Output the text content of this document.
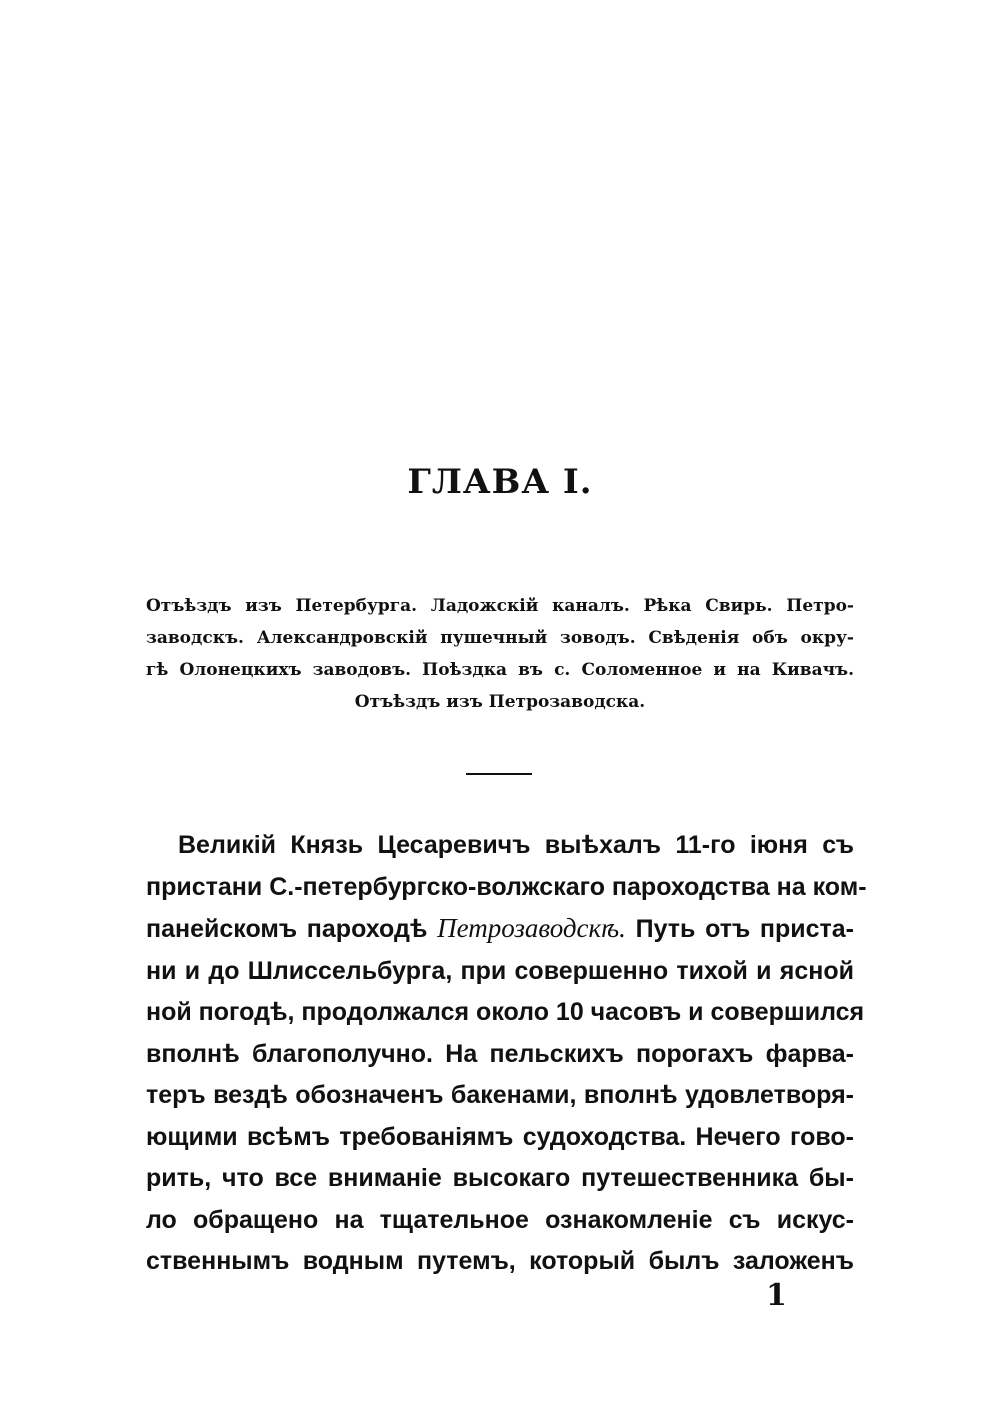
ГЛАВА I.
Отъѣздъ изъ Петербурга. Ладожскій каналъ. Рѣка Свирь. Петро-
заводскъ. Александровскій пушечный зоводъ. Свѣденія объ окру-
гѣ Олонецкихъ заводовъ. Поѣздка въ с. Соломенное и на Кивачъ.
Отъѣздъ изъ Петрозаводска.
Великій Князь Цесаревичъ выѣхалъ 11-го іюня съ
пристани С.-петербургско-волжскаго пароходства на ком-
панейскомъ пароходѣ Петрозаводскѣ. Путь отъ приста-
ни и до Шлиссельбурга, при совершенно тихой и ясной
ной погодѣ, продолжался около 10 часовъ и совершился
вполнѣ благополучно. На пельскихъ порогахъ фарва-
теръ вездѣ обозначенъ бакенами, вполнѣ удовлетворя-
ющими всѣмъ требованіямъ судоходства. Нечего гово-
рить, что все вниманіе высокаго путешественника бы-
ло обращено на тщательное ознакомленіе съ искус-
ственнымъ водным путемъ, который былъ заложенъ
1
